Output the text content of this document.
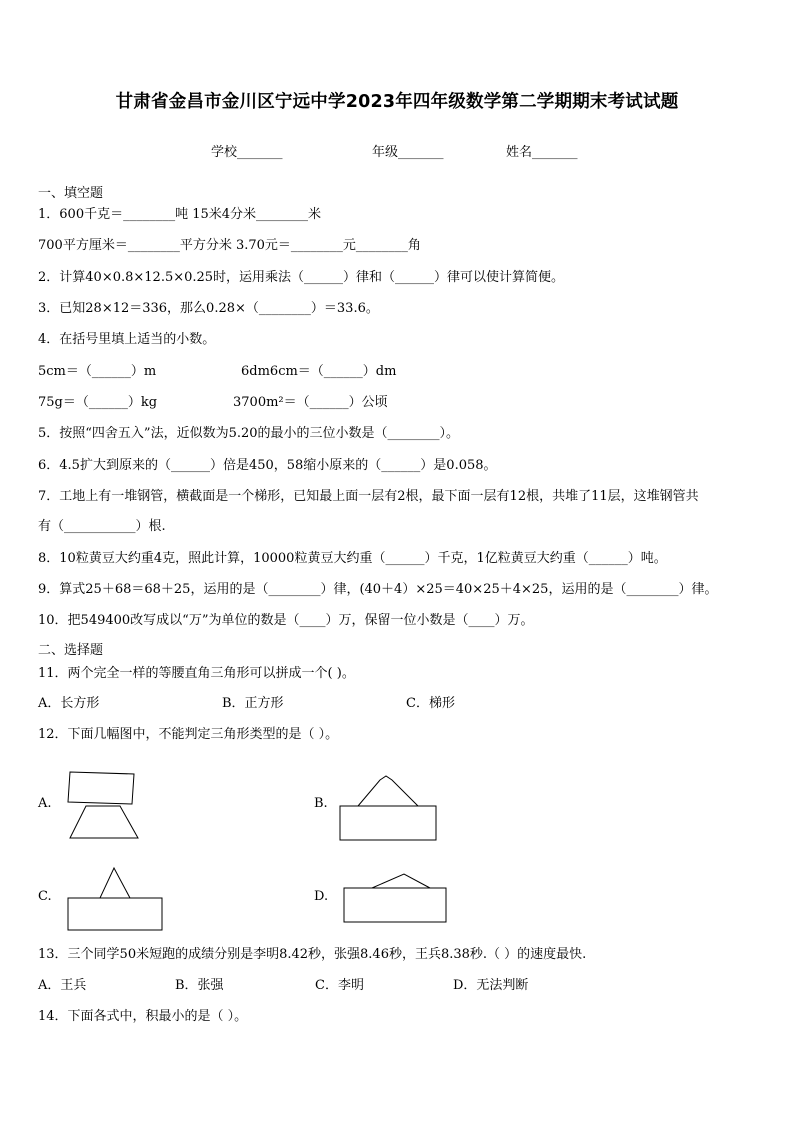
甘肃省金昌市金川区宁远中学2023年四年级数学第二学期期末考试试题
学校_______	年级_______	姓名_______
一、填空题
1．600千克＝________吨 15米4分米________米
700平方厘米＝________平方分米 3.70元＝________元________角
2．计算40×0.8×12.5×0.25时，运用乘法（______）律和（______）律可以使计算简便。
3．已知28×12＝336，那么0.28×（________）＝33.6。
4．在括号里填上适当的小数。
5cm＝（______）m	6dm6cm＝（______）dm
75g＝（______）kg	3700m²＝（______）公顷
5．按照“四舍五入”法，近似数为5.20的最小的三位小数是（________）。
6．4.5扩大到原来的（______）倍是450，58缩小原来的（______）是0.058。
7．工地上有一堆钢管，横截面是一个梯形，已知最上面一层有2根，最下面一层有12根，共堆了11层，这堆钢管共
有（___________）根.
8．10粒黄豆大约重4克，照此计算，10000粒黄豆大约重（______）千克，1亿粒黄豆大约重（______）吨。
9．算式25＋68＝68＋25，运用的是（________）律，(40＋4）×25＝40×25＋4×25，运用的是（________）律。
10．把549400改写成以“万”为单位的数是（____）万，保留一位小数是（____）万。
二、选择题
11．两个完全一样的等腰直角三角形可以拼成一个( )。
A．长方形	B．正方形	C．梯形
12．下面几幅图中，不能判定三角形类型的是（ ）。
A.	B.
C.	D.
13．三个同学50米短跑的成绩分别是李明8.42秒，张强8.46秒，王兵8.38秒.（ ）的速度最快.
A．王兵	B．张强	C．李明	D．无法判断
14．下面各式中，积最小的是（ ）。
